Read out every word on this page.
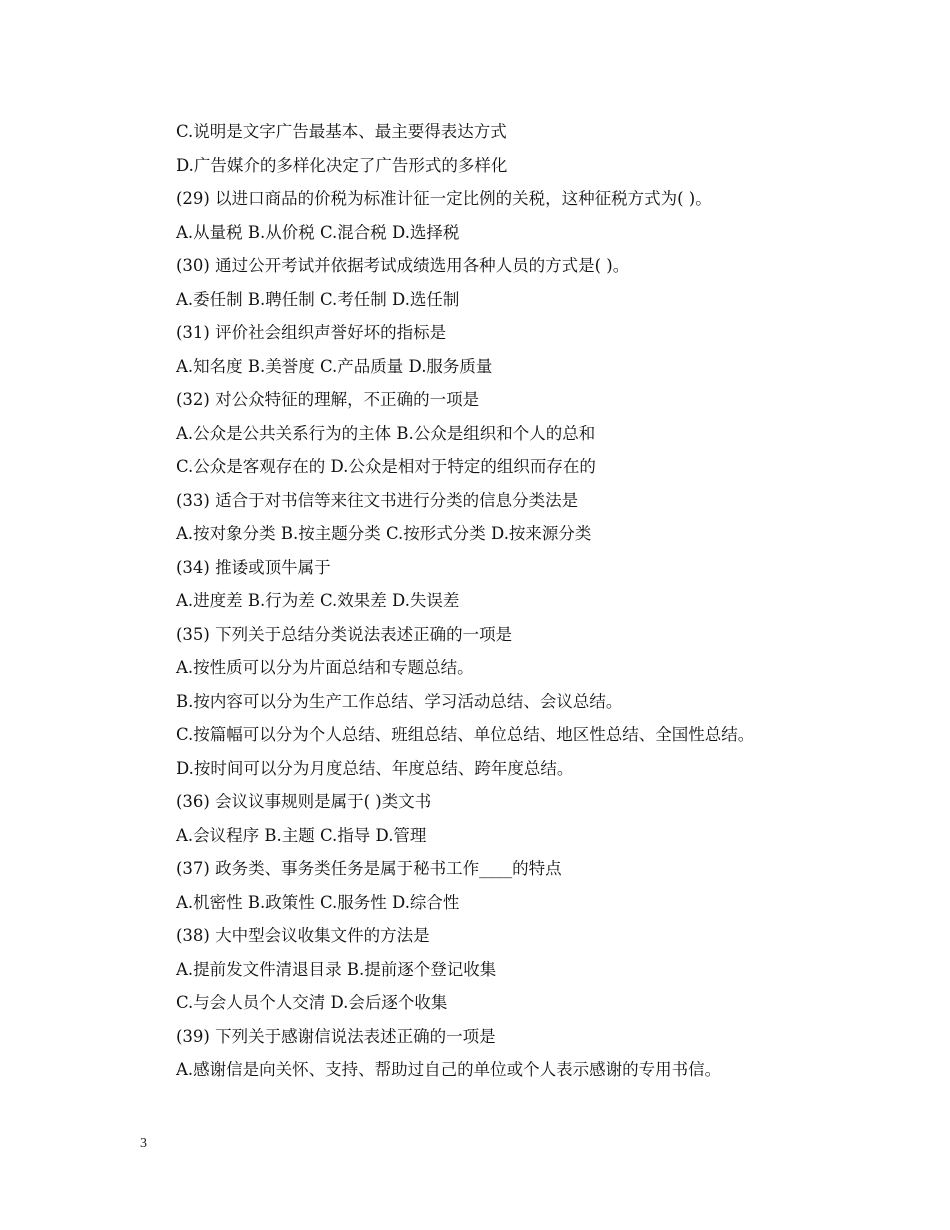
C.说明是文字广告最基本、最主要得表达方式
D.广告媒介的多样化决定了广告形式的多样化
(29) 以进口商品的价税为标准计征一定比例的关税，这种征税方式为( )。
A.从量税 B.从价税 C.混合税 D.选择税
(30) 通过公开考试并依据考试成绩选用各种人员的方式是( )。
A.委任制 B.聘任制 C.考任制 D.选任制
(31) 评价社会组织声誉好坏的指标是
A.知名度 B.美誉度 C.产品质量 D.服务质量
(32) 对公众特征的理解，不正确的一项是
A.公众是公共关系行为的主体 B.公众是组织和个人的总和
C.公众是客观存在的 D.公众是相对于特定的组织而存在的
(33) 适合于对书信等来往文书进行分类的信息分类法是
A.按对象分类 B.按主题分类 C.按形式分类 D.按来源分类
(34) 推诿或顶牛属于
A.进度差 B.行为差 C.效果差 D.失误差
(35) 下列关于总结分类说法表述正确的一项是
A.按性质可以分为片面总结和专题总结。
B.按内容可以分为生产工作总结、学习活动总结、会议总结。
C.按篇幅可以分为个人总结、班组总结、单位总结、地区性总结、全国性总结。
D.按时间可以分为月度总结、年度总结、跨年度总结。
(36) 会议议事规则是属于( )类文书
A.会议程序 B.主题 C.指导 D.管理
(37) 政务类、事务类任务是属于秘书工作____的特点
A.机密性 B.政策性 C.服务性 D.综合性
(38) 大中型会议收集文件的方法是
A.提前发文件清退目录 B.提前逐个登记收集
C.与会人员个人交清 D.会后逐个收集
(39) 下列关于感谢信说法表述正确的一项是
A.感谢信是向关怀、支持、帮助过自己的单位或个人表示感谢的专用书信。
3
